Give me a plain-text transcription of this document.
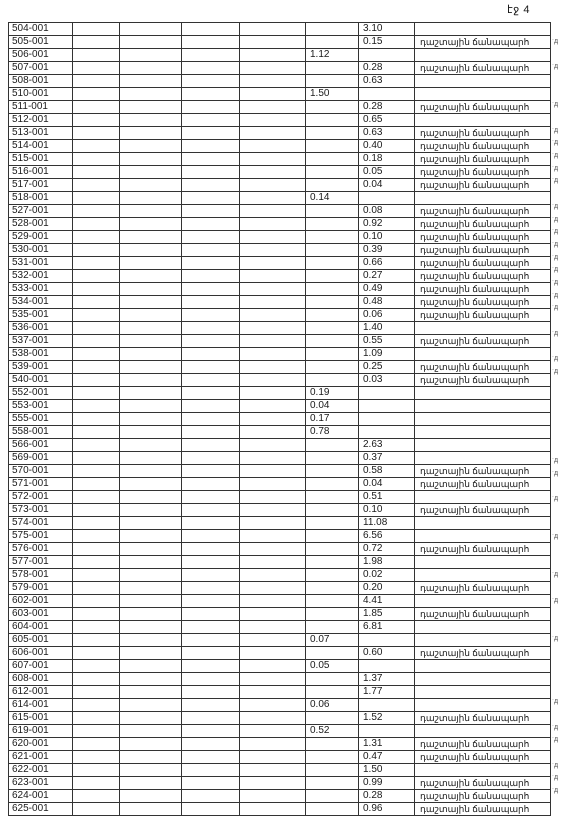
էջ 4
504-001						3.10	
505-001						0.15	դաշտային ճանապարհ
506-001					1.12		
507-001						0.28	դաշտային ճանապարհ
508-001						0.63	
510-001					1.50		
511-001						0.28	դաշտային ճանապարհ
512-001						0.65	
513-001						0.63	դաշտային ճանապարհ
514-001						0.40	դաշտային ճանապարհ
515-001						0.18	դաշտային ճանապարհ
516-001						0.05	դաշտային ճանապարհ
517-001						0.04	դաշտային ճանապարհ
518-001					0.14		
527-001						0.08	դաշտային ճանապարհ
528-001						0.92	դաշտային ճանապարհ
529-001						0.10	դաշտային ճանապարհ
530-001						0.39	դաշտային ճանապարհ
531-001						0.66	դաշտային ճանապարհ
532-001						0.27	դաշտային ճանապարհ
533-001						0.49	դաշտային ճանապարհ
534-001						0.48	դաշտային ճանապարհ
535-001						0.06	դաշտային ճանապարհ
536-001						1.40	
537-001						0.55	դաշտային ճանապարհ
538-001						1.09	
539-001						0.25	դաշտային ճանապարհ
540-001						0.03	դաշտային ճանապարհ
552-001					0.19		
553-001					0.04		
555-001					0.17		
558-001					0.78		
566-001						2.63	
569-001						0.37	
570-001						0.58	դաշտային ճանապարհ
571-001						0.04	դաշտային ճանապարհ
572-001						0.51	
573-001						0.10	դաշտային ճանապարհ
574-001						11.08	
575-001						6.56	
576-001						0.72	դաշտային ճանապարհ
577-001						1.98	
578-001						0.02	
579-001						0.20	դաշտային ճանապարհ
602-001						4.41	
603-001						1.85	դաշտային ճանապարհ
604-001						6.81	
605-001					0.07		
606-001						0.60	դաշտային ճանապարհ
607-001					0.05		
608-001						1.37	
612-001						1.77	
614-001					0.06		
615-001						1.52	դաշտային ճանապարհ
619-001					0.52		
620-001						1.31	դաշտային ճանապարհ
621-001						0.47	դաշտային ճանապարհ
622-001						1.50	
623-001						0.99	դաշտային ճանապարհ
624-001						0.28	դաշտային ճանապարհ
625-001						0.96	դաշտային ճանապարհ
ˑд
ˑд
ˑд
ˑд
ˑд
ˑд
ˑд
ˑд
ˑд
ˑд
ˑд
ˑд
ˑд
ˑд
ˑд
ˑд
ˑд
ˑд
ˑд
ˑд
ˑд
ˑд
ˑд
ˑд
ˑд
ˑд
ˑд
ˑд
ˑд
ˑд
ˑд
ˑд
ˑд
